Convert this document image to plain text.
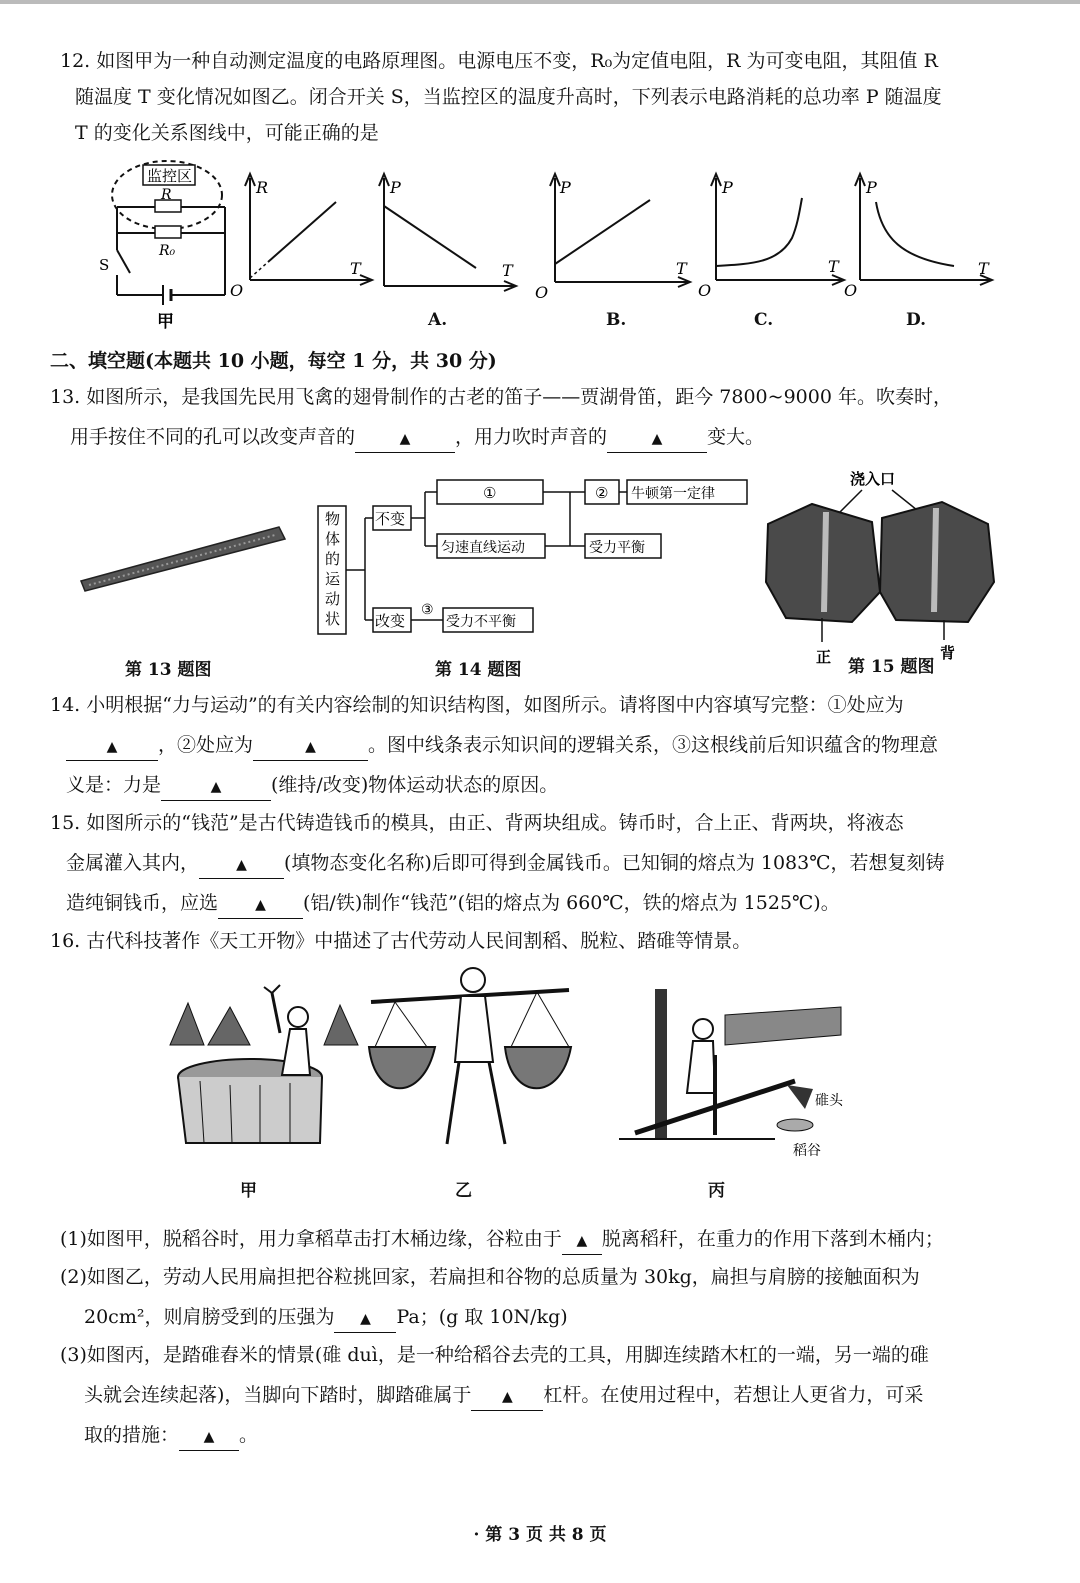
12. 如图甲为一种自动测定温度的电路原理图。电源电压不变，R₀为定值电阻，R 为可变电阻，其阻值 R
随温度 T 变化情况如图乙。闭合开关 S，当监控区的温度升高时，下列表示电路消耗的总功率 P 随温度
T 的变化关系图线中，可能正确的是
监控区
R
R₀
S
甲
R
T
O
P
T
P
T
O
P
T
O
P
T
O
A.	B.	C.	D.
二、填空题(本题共 10 小题，每空 1 分，共 30 分)
13. 如图所示，是我国先民用飞禽的翅骨制作的古老的笛子——贾湖骨笛，距今 7800~9000 年。吹奏时，
用手按住不同的孔可以改变声音的	▲ ，用力吹时声音的	▲ 变大。
第 13 题图
物
体
的
运
动
状
不变
改变
①
匀速直线运动
② 牛顿第一定律
受力平衡
③
受力不平衡
第 14 题图
浇入口
正	背
第 15 题图
14. 小明根据“力与运动”的有关内容绘制的知识结构图，如图所示。请将图中内容填写完整：①处应为
▲ ，②处应为	▲	。图中线条表示知识间的逻辑关系，③这根线前后知识蕴含的物理意
义是：力是	▲	(维持/改变)物体运动状态的原因。
15. 如图所示的“钱范”是古代铸造钱币的模具，由正、背两块组成。铸币时，合上正、背两块，将液态
金属灌入其内，	▲ (填物态变化名称)后即可得到金属钱币。已知铜的熔点为 1083℃，若想复刻铸
造纯铜钱币，应选	▲ (铝/铁)制作“钱范”(铝的熔点为 660℃，铁的熔点为 1525℃)。
16. 古代科技著作《天工开物》中描述了古代劳动人民间割稻、脱粒、踏碓等情景。
碓头
稻谷
甲	乙	丙
(1)如图甲，脱稻谷时，用力拿稻草击打木桶边缘，谷粒由于 ▲ 脱离稻秆，在重力的作用下落到木桶内；
(2)如图乙，劳动人民用扁担把谷粒挑回家，若扁担和谷物的总质量为 30kg，扁担与肩膀的接触面积为
20cm²，则肩膀受到的压强为 ▲ Pa；(g 取 10N/kg)
(3)如图丙，是踏碓舂米的情景(碓 duì，是一种给稻谷去壳的工具，用脚连续踏木杠的一端，另一端的碓
头就会连续起落)，当脚向下踏时，脚踏碓属于 ▲ 杠杆。在使用过程中，若想让人更省力，可采
取的措施： ▲ 。
· 第 3 页 共 8 页
